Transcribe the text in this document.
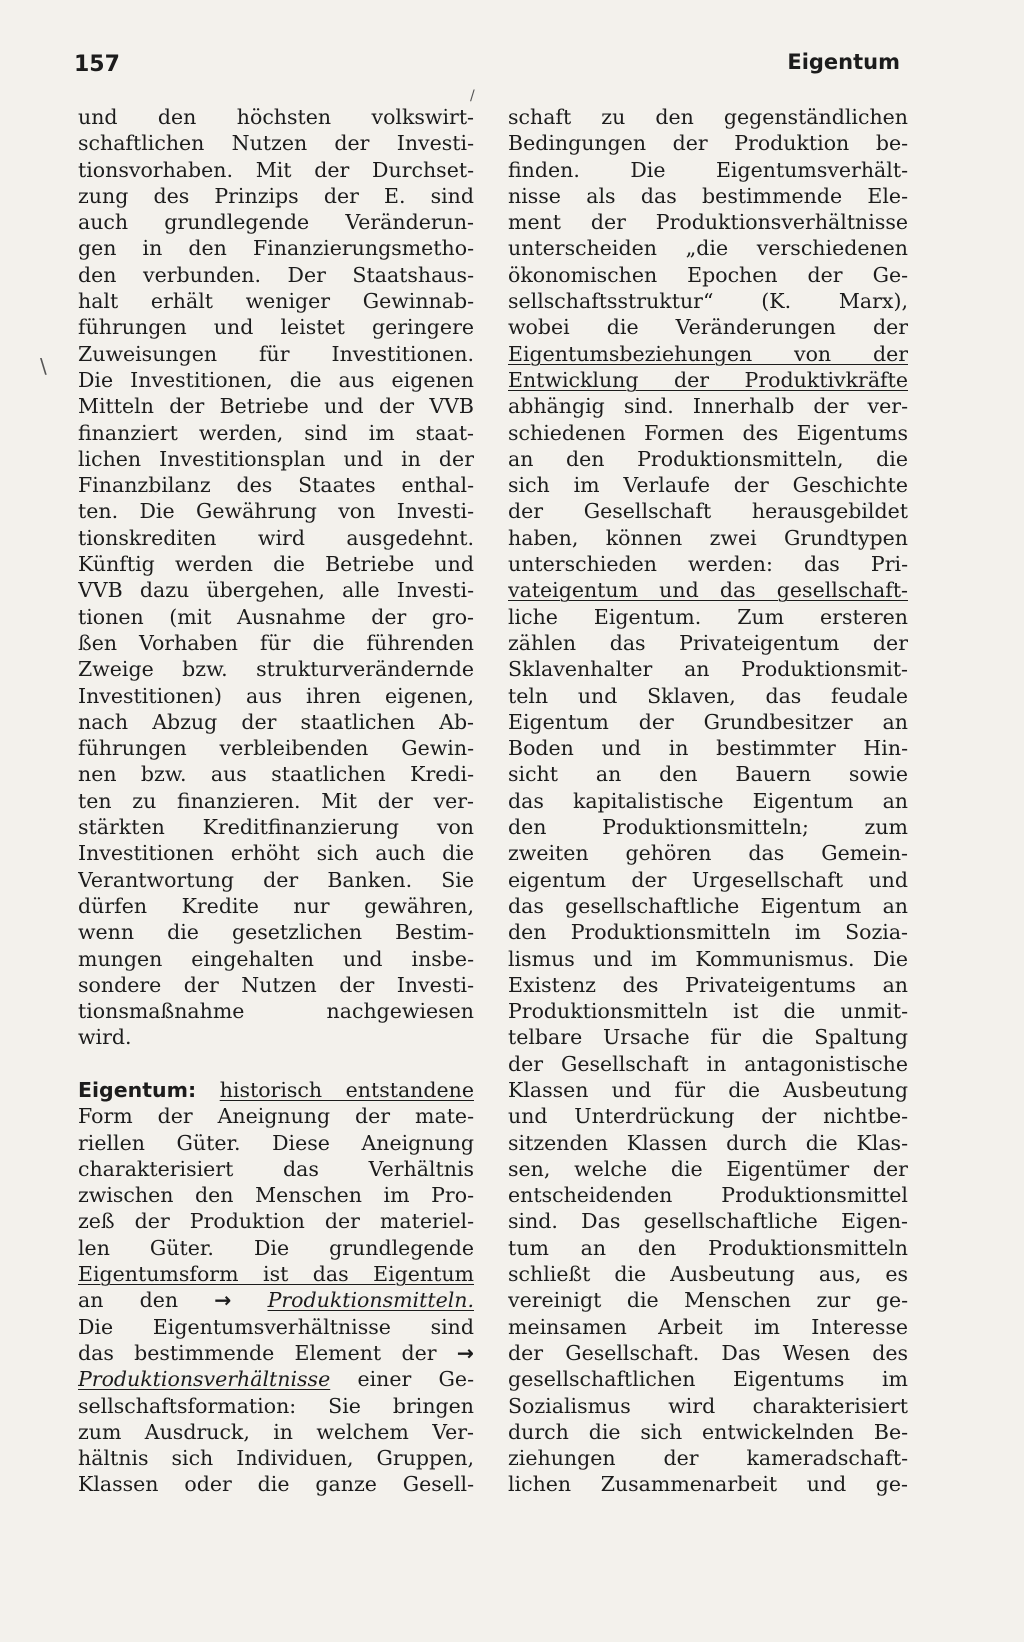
157	Eigentum
\
/
und den höchsten volkswirt-
schaftlichen Nutzen der Investi-
tionsvorhaben. Mit der Durchset-
zung des Prinzips der E. sind
auch grundlegende Veränderun-
gen in den Finanzierungsmetho-
den verbunden. Der Staatshaus-
halt erhält weniger Gewinnab-
führungen und leistet geringere
Zuweisungen für Investitionen.
Die Investitionen, die aus eigenen
Mitteln der Betriebe und der VVB
finanziert werden, sind im staat-
lichen Investitionsplan und in der
Finanzbilanz des Staates enthal-
ten. Die Gewährung von Investi-
tionskrediten wird ausgedehnt.
Künftig werden die Betriebe und
VVB dazu übergehen, alle Investi-
tionen (mit Ausnahme der gro-
ßen Vorhaben für die führenden
Zweige bzw. strukturverändernde
Investitionen) aus ihren eigenen,
nach Abzug der staatlichen Ab-
führungen verbleibenden Gewin-
nen bzw. aus staatlichen Kredi-
ten zu finanzieren. Mit der ver-
stärkten Kreditfinanzierung von
Investitionen erhöht sich auch die
Verantwortung der Banken. Sie
dürfen Kredite nur gewähren,
wenn die gesetzlichen Bestim-
mungen eingehalten und insbe-
sondere der Nutzen der Investi-
tionsmaßnahme nachgewiesen
wird.
Eigentum: historisch entstandene
Form der Aneignung der mate-
riellen Güter. Diese Aneignung
charakterisiert das Verhältnis
zwischen den Menschen im Pro-
zeß der Produktion der materiel-
len Güter. Die grundlegende
Eigentumsform ist das Eigentum
an den → Produktionsmitteln.
Die Eigentumsverhältnisse sind
das bestimmende Element der →
Produktionsverhältnisse einer Ge-
sellschaftsformation: Sie bringen
zum Ausdruck, in welchem Ver-
hältnis sich Individuen, Gruppen,
Klassen oder die ganze Gesell-
schaft zu den gegenständlichen
Bedingungen der Produktion be-
finden. Die Eigentumsverhält-
nisse als das bestimmende Ele-
ment der Produktionsverhältnisse
unterscheiden „die verschiedenen
ökonomischen Epochen der Ge-
sellschaftsstruktur“ (K. Marx),
wobei die Veränderungen der
Eigentumsbeziehungen von der
Entwicklung der Produktivkräfte
abhängig sind. Innerhalb der ver-
schiedenen Formen des Eigentums
an den Produktionsmitteln, die
sich im Verlaufe der Geschichte
der Gesellschaft herausgebildet
haben, können zwei Grundtypen
unterschieden werden: das Pri-
vateigentum und das gesellschaft-
liche Eigentum. Zum ersteren
zählen das Privateigentum der
Sklavenhalter an Produktionsmit-
teln und Sklaven, das feudale
Eigentum der Grundbesitzer an
Boden und in bestimmter Hin-
sicht an den Bauern sowie
das kapitalistische Eigentum an
den Produktionsmitteln; zum
zweiten gehören das Gemein-
eigentum der Urgesellschaft und
das gesellschaftliche Eigentum an
den Produktionsmitteln im Sozia-
lismus und im Kommunismus. Die
Existenz des Privateigentums an
Produktionsmitteln ist die unmit-
telbare Ursache für die Spaltung
der Gesellschaft in antagonistische
Klassen und für die Ausbeutung
und Unterdrückung der nichtbe-
sitzenden Klassen durch die Klas-
sen, welche die Eigentümer der
entscheidenden Produktionsmittel
sind. Das gesellschaftliche Eigen-
tum an den Produktionsmitteln
schließt die Ausbeutung aus, es
vereinigt die Menschen zur ge-
meinsamen Arbeit im Interesse
der Gesellschaft. Das Wesen des
gesellschaftlichen Eigentums im
Sozialismus wird charakterisiert
durch die sich entwickelnden Be-
ziehungen der kameradschaft-
lichen Zusammenarbeit und ge-
